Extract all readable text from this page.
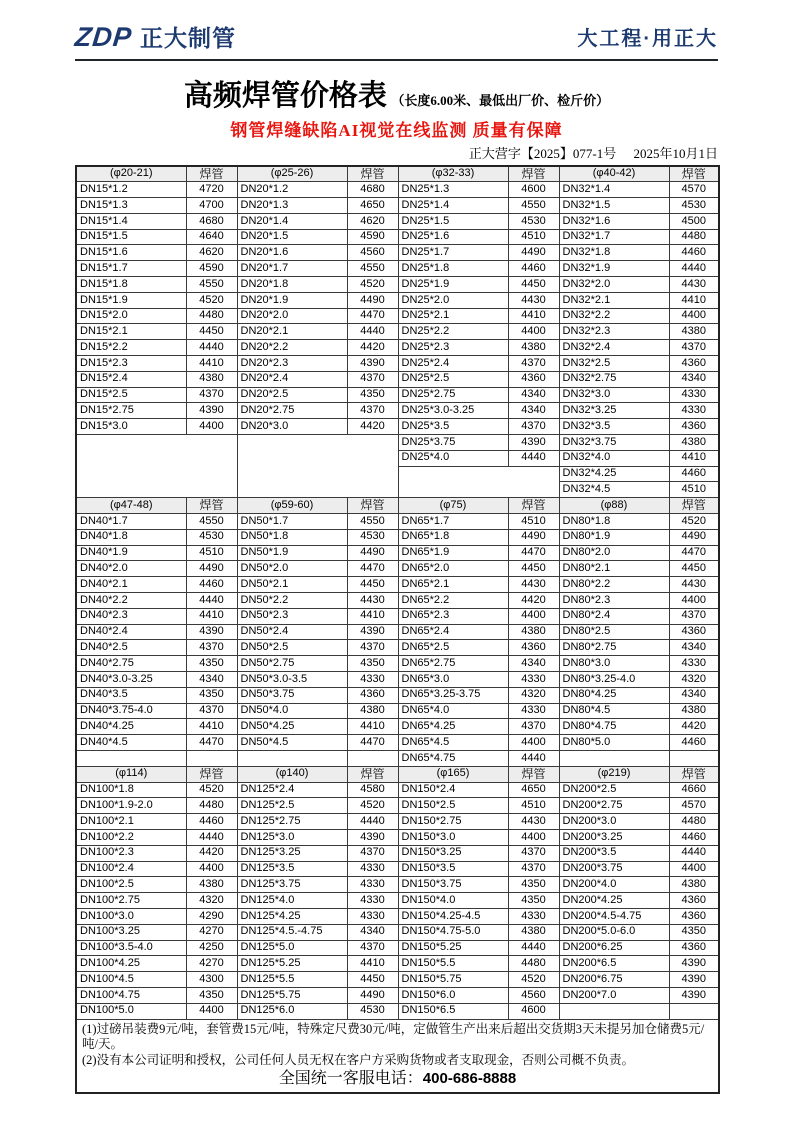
ZDP 正大制管	大工程·用正大
高频焊管价格表 （长度6.00米、最低出厂价、检斤价）
钢管焊缝缺陷AI视觉在线监测 质量有保障
正大营字【2025】077-1号 2025年10月1日
(φ20-21)	焊管	(φ25-26)	焊管	(φ32-33)	焊管	(φ40-42)	焊管
DN15*1.2	4720	DN20*1.2	4680	DN25*1.3	4600	DN32*1.4	4570
DN15*1.3	4700	DN20*1.3	4650	DN25*1.4	4550	DN32*1.5	4530
DN15*1.4	4680	DN20*1.4	4620	DN25*1.5	4530	DN32*1.6	4500
DN15*1.5	4640	DN20*1.5	4590	DN25*1.6	4510	DN32*1.7	4480
DN15*1.6	4620	DN20*1.6	4560	DN25*1.7	4490	DN32*1.8	4460
DN15*1.7	4590	DN20*1.7	4550	DN25*1.8	4460	DN32*1.9	4440
DN15*1.8	4550	DN20*1.8	4520	DN25*1.9	4450	DN32*2.0	4430
DN15*1.9	4520	DN20*1.9	4490	DN25*2.0	4430	DN32*2.1	4410
DN15*2.0	4480	DN20*2.0	4470	DN25*2.1	4410	DN32*2.2	4400
DN15*2.1	4450	DN20*2.1	4440	DN25*2.2	4400	DN32*2.3	4380
DN15*2.2	4440	DN20*2.2	4420	DN25*2.3	4380	DN32*2.4	4370
DN15*2.3	4410	DN20*2.3	4390	DN25*2.4	4370	DN32*2.5	4360
DN15*2.4	4380	DN20*2.4	4370	DN25*2.5	4360	DN32*2.75	4340
DN15*2.5	4370	DN20*2.5	4350	DN25*2.75	4340	DN32*3.0	4330
DN15*2.75	4390	DN20*2.75	4370	DN25*3.0-3.25	4340	DN32*3.25	4330
DN15*3.0	4400	DN20*3.0	4420	DN25*3.5	4370	DN32*3.5	4360
				DN25*3.75	4390	DN32*3.75	4380
				DN25*4.0	4440	DN32*4.0	4410
						DN32*4.25	4460
						DN32*4.5	4510
(φ47-48)	焊管	(φ59-60)	焊管	(φ75)	焊管	(φ88)	焊管
DN40*1.7	4550	DN50*1.7	4550	DN65*1.7	4510	DN80*1.8	4520
DN40*1.8	4530	DN50*1.8	4530	DN65*1.8	4490	DN80*1.9	4490
DN40*1.9	4510	DN50*1.9	4490	DN65*1.9	4470	DN80*2.0	4470
DN40*2.0	4490	DN50*2.0	4470	DN65*2.0	4450	DN80*2.1	4450
DN40*2.1	4460	DN50*2.1	4450	DN65*2.1	4430	DN80*2.2	4430
DN40*2.2	4440	DN50*2.2	4430	DN65*2.2	4420	DN80*2.3	4400
DN40*2.3	4410	DN50*2.3	4410	DN65*2.3	4400	DN80*2.4	4370
DN40*2.4	4390	DN50*2.4	4390	DN65*2.4	4380	DN80*2.5	4360
DN40*2.5	4370	DN50*2.5	4370	DN65*2.5	4360	DN80*2.75	4340
DN40*2.75	4350	DN50*2.75	4350	DN65*2.75	4340	DN80*3.0	4330
DN40*3.0-3.25	4340	DN50*3.0-3.5	4330	DN65*3.0	4330	DN80*3.25-4.0	4320
DN40*3.5	4350	DN50*3.75	4360	DN65*3.25-3.75	4320	DN80*4.25	4340
DN40*3.75-4.0	4370	DN50*4.0	4380	DN65*4.0	4330	DN80*4.5	4380
DN40*4.25	4410	DN50*4.25	4410	DN65*4.25	4370	DN80*4.75	4420
DN40*4.5	4470	DN50*4.5	4470	DN65*4.5	4400	DN80*5.0	4460
				DN65*4.75	4440		
(φ114)	焊管	(φ140)	焊管	(φ165)	焊管	(φ219)	焊管
DN100*1.8	4520	DN125*2.4	4580	DN150*2.4	4650	DN200*2.5	4660
DN100*1.9-2.0	4480	DN125*2.5	4520	DN150*2.5	4510	DN200*2.75	4570
DN100*2.1	4460	DN125*2.75	4440	DN150*2.75	4430	DN200*3.0	4480
DN100*2.2	4440	DN125*3.0	4390	DN150*3.0	4400	DN200*3.25	4460
DN100*2.3	4420	DN125*3.25	4370	DN150*3.25	4370	DN200*3.5	4440
DN100*2.4	4400	DN125*3.5	4330	DN150*3.5	4370	DN200*3.75	4400
DN100*2.5	4380	DN125*3.75	4330	DN150*3.75	4350	DN200*4.0	4380
DN100*2.75	4320	DN125*4.0	4330	DN150*4.0	4350	DN200*4.25	4360
DN100*3.0	4290	DN125*4.25	4330	DN150*4.25-4.5	4330	DN200*4.5-4.75	4360
DN100*3.25	4270	DN125*4.5.-4.75	4340	DN150*4.75-5.0	4380	DN200*5.0-6.0	4350
DN100*3.5-4.0	4250	DN125*5.0	4370	DN150*5.25	4440	DN200*6.25	4360
DN100*4.25	4270	DN125*5.25	4410	DN150*5.5	4480	DN200*6.5	4390
DN100*4.5	4300	DN125*5.5	4450	DN150*5.75	4520	DN200*6.75	4390
DN100*4.75	4350	DN125*5.75	4490	DN150*6.0	4560	DN200*7.0	4390
DN100*5.0	4400	DN125*6.0	4530	DN150*6.5	4600		

(1)过磅吊装费9元/吨，套管费15元/吨，特殊定尺费30元/吨，定做管生产出来后超出交货期3天未提另加仓储费5元/吨/天。
(2)没有本公司证明和授权，公司任何人员无权在客户方采购货物或者支取现金，否则公司概不负责。
全国统一客服电话：400-686-8888							
